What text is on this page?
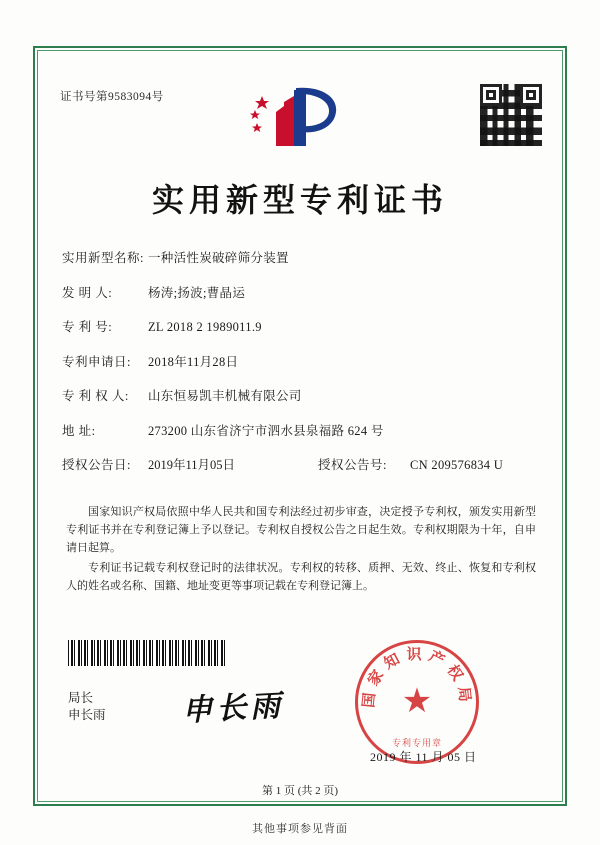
证书号第9583094号
实用新型专利证书
实用新型名称: 一种活性炭破碎筛分装置
发 明 人:	杨涛;扬波;曹晶运
专 利 号:	ZL 2018 2 1989011.9
专利申请日:	2018年11月28日
专 利 权 人:	山东恒易凯丰机械有限公司
地 址:	273200 山东省济宁市泗水县泉福路 624 号
授权公告日:	2019年11月05日	授权公告号:	CN 209576834 U

国家知识产权局依照中华人民共和国专利法经过初步审查，决定授予专利权，颁发实用新型专利证书并在专利登记簿上予以登记。专利权自授权公告之日起生效。专利权期限为十年，自申请日起算。

专利证书记载专利权登记时的法律状况。专利权的转移、质押、无效、终止、恢复和专利权人的姓名或名称、国籍、地址变更等事项记载在专利登记簿上。

局长
申长雨	申长雨	国家知识产权局
★
专利专用章
2019 年 11 月 05 日
第 1 页 (共 2 页)
其他事项参见背面
